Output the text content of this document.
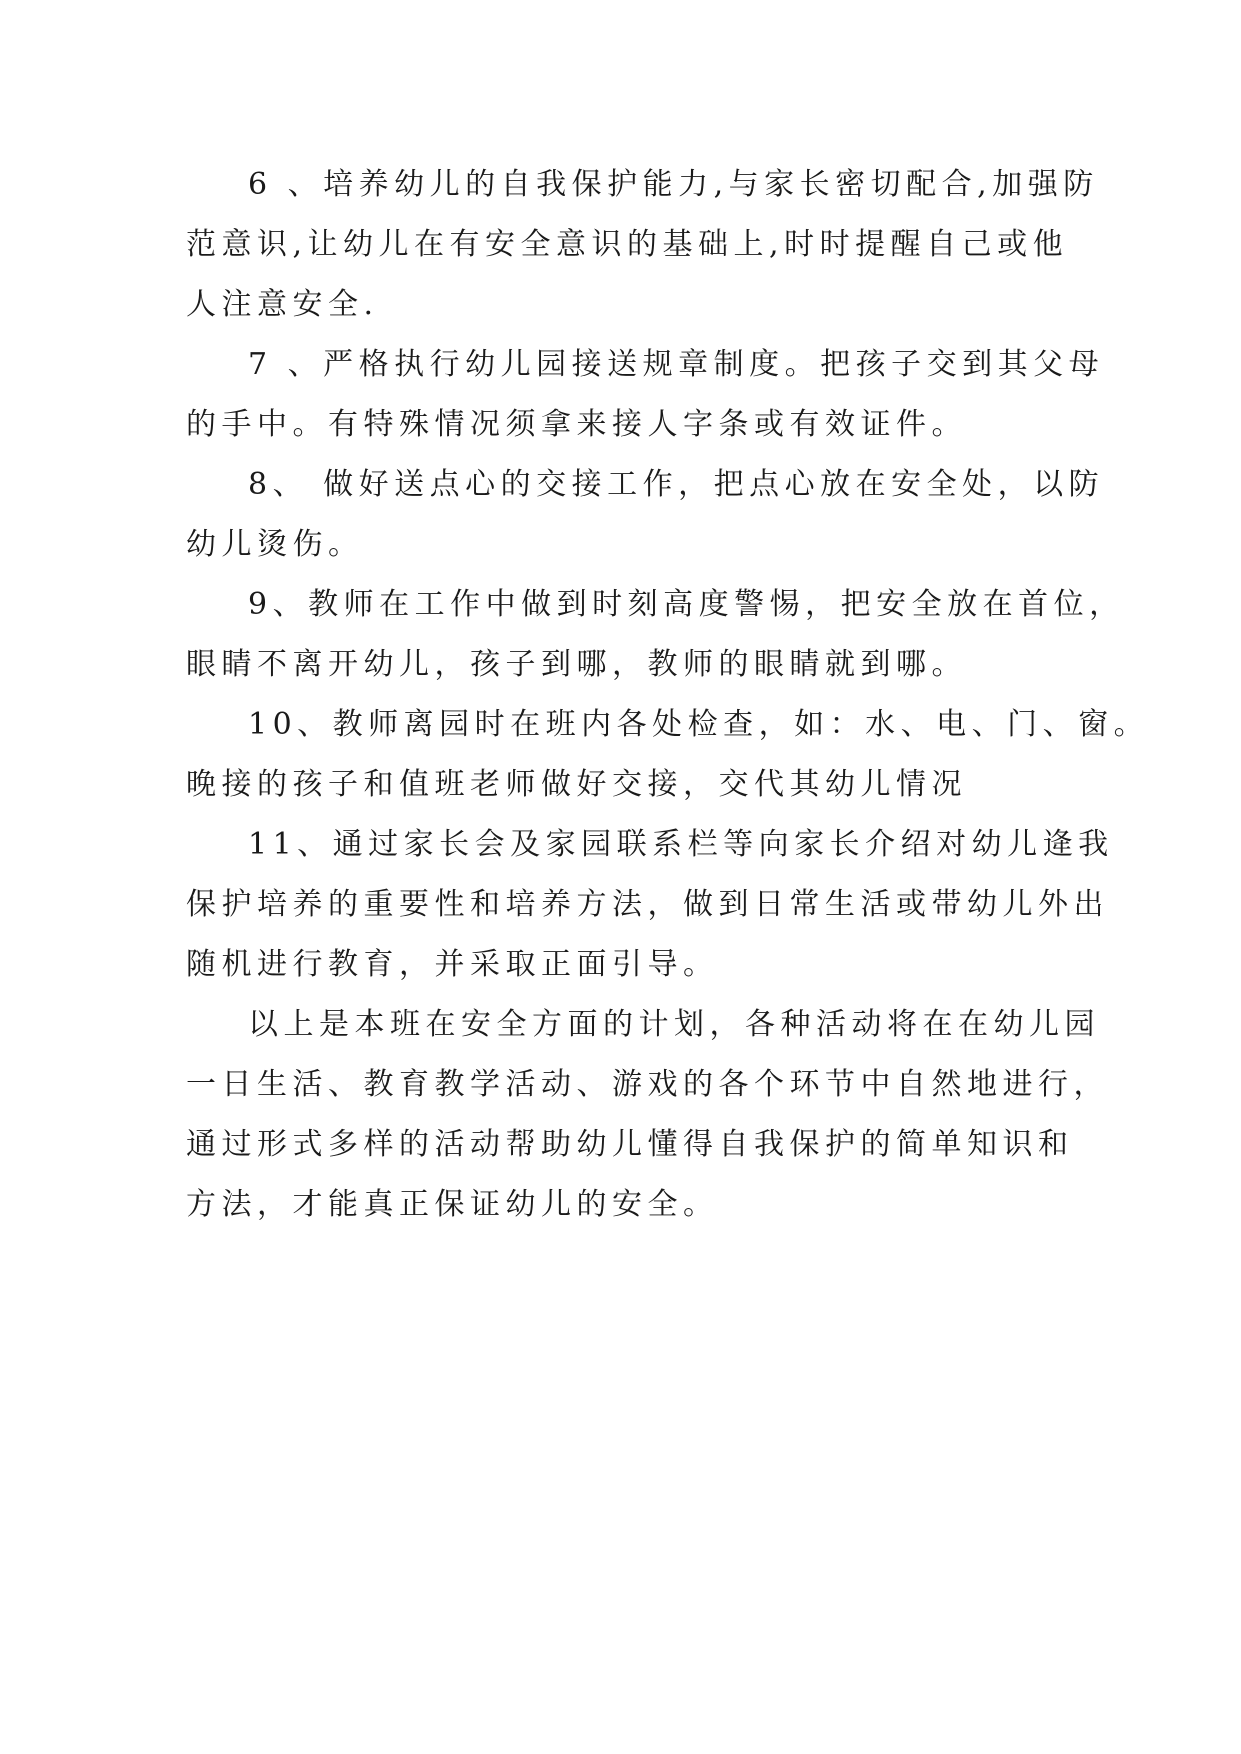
6 、培养幼儿的自我保护能力,与家长密切配合,加强防
范意识,让幼儿在有安全意识的基础上,时时提醒自己或他
人注意安全.
7 、严格执行幼儿园接送规章制度。把孩子交到其父母
的手中。有特殊情况须拿来接人字条或有效证件。
8、 做好送点心的交接工作，把点心放在安全处，以防
幼儿烫伤。
9、教师在工作中做到时刻高度警惕，把安全放在首位，
眼睛不离开幼儿，孩子到哪，教师的眼睛就到哪。
10、教师离园时在班内各处检查，如：水、电、门、窗。
晚接的孩子和值班老师做好交接，交代其幼儿情况
11、通过家长会及家园联系栏等向家长介绍对幼儿逄我
保护培养的重要性和培养方法，做到日常生活或带幼儿外出
随机进行教育，并采取正面引导。
以上是本班在安全方面的计划，各种活动将在在幼儿园
一日生活、教育教学活动、游戏的各个环节中自然地进行，
通过形式多样的活动帮助幼儿懂得自我保护的简单知识和
方法，才能真正保证幼儿的安全。
